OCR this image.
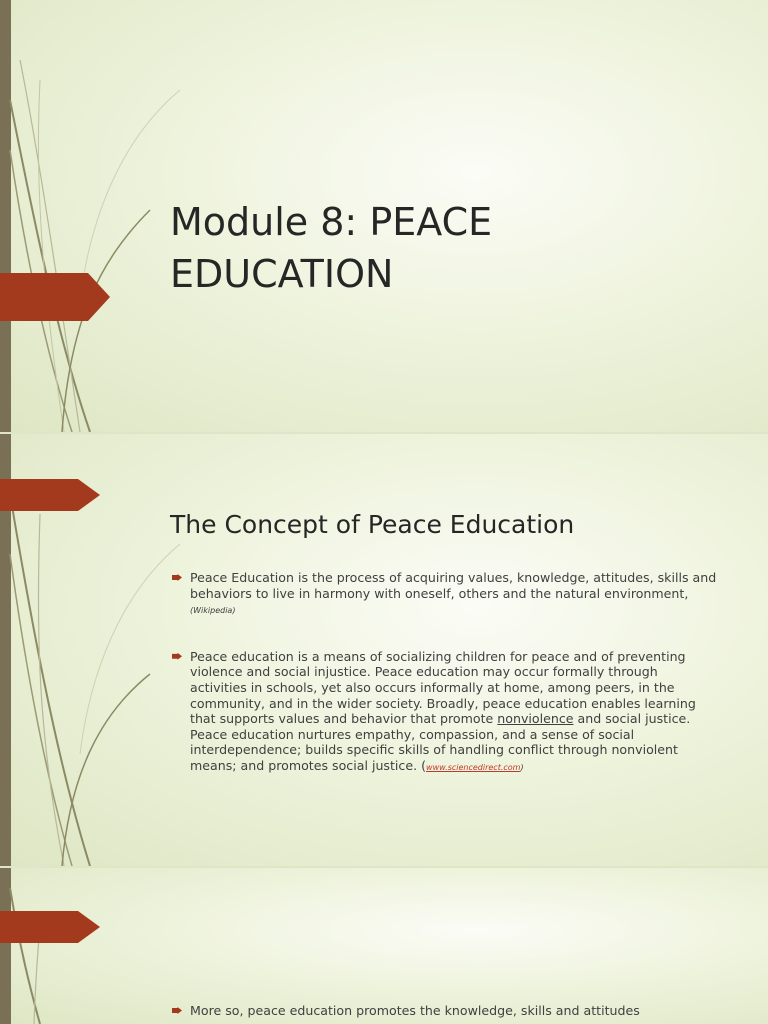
Module 8: PEACE
EDUCATION
The Concept of Peace Education
Peace Education is the process of acquiring values, knowledge, attitudes, skills and behaviors to live in harmony with oneself, others and the natural environment, (Wikipedia)
Peace education is a means of socializing children for peace and of preventing violence and social injustice. Peace education may occur formally through activities in schools, yet also occurs informally at home, among peers, in the community, and in the wider society. Broadly, peace education enables learning that supports values and behavior that promote nonviolence and social justice. Peace education nurtures empathy, compassion, and a sense of social interdependence; builds specific skills of handling conflict through nonviolent means; and promotes social justice. (www.sciencedirect.com)
More so, peace education promotes the knowledge, skills and attitudes
